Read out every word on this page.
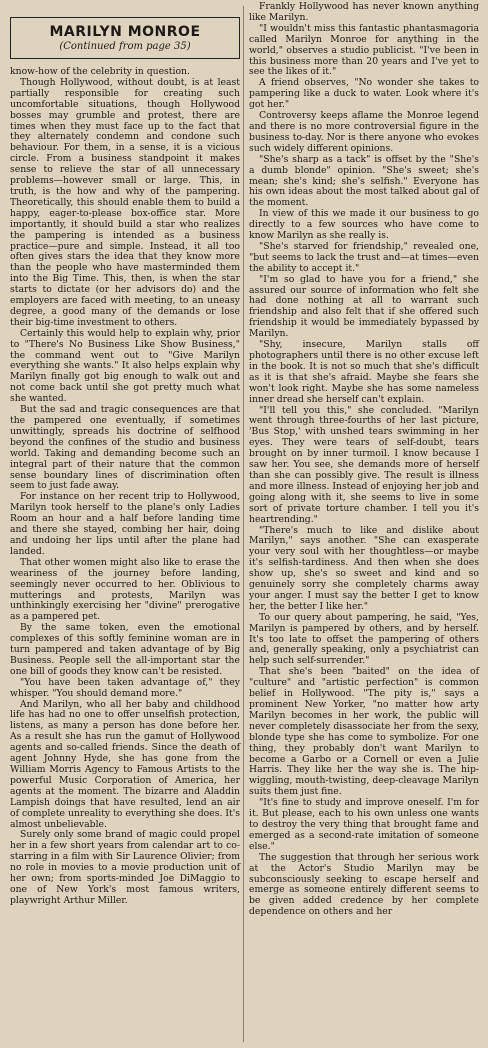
MARILYN MONROE
(Continued from page 35)

know-how of the celebrity in question.

Though Hollywood, without doubt, is at least partially responsible for creating such uncomfortable situations, though Hollywood bosses may grumble and protest, there are times when they must face up to the fact that they alternately condemn and condone such behaviour. For them, in a sense, it is a vicious circle. From a business standpoint it makes sense to relieve the star of all unnecessary problems—however small or large. This, in truth, is the how and why of the pampering. Theoretically, this should enable them to build a happy, eager-to-please box-office star. More importantly, it should build a star who realizes the pampering is intended as a business practice—pure and simple. Instead, it all too often gives stars the idea that they know more than the people who have masterminded them into the Big Time. This, then, is when the star starts to dictate (or her advisors do) and the employers are faced with meeting, to an uneasy degree, a good many of the demands or lose their big-time investment to others.

Certainly this would help to explain why, prior to "There's No Business Like Show Business," the command went out to "Give Marilyn everything she wants." It also helps explain why Marilyn finally got big enough to walk out and not come back until she got pretty much what she wanted.

But the sad and tragic consequences are that the pampered one eventually, if sometimes unwittingly, spreads his doctrine of selfhood beyond the confines of the studio and business world. Taking and demanding become such an integral part of their nature that the common sense boundary lines of discrimination often seem to just fade away.

For instance on her recent trip to Hollywood, Marilyn took herself to the plane's only Ladies Room an hour and a half before landing time and there she stayed, combing her hair, doing and undoing her lips until after the plane had landed.

That other women might also like to erase the weariness of the journey before landing, seemingly never occurred to her. Oblivious to mutterings and protests, Marilyn was unthinkingly exercising her "divine" prerogative as a pampered pet.

By the same token, even the emotional complexes of this softly feminine woman are in turn pampered and taken advantage of by Big Business. People sell the all-important star the one bill of goods they know can't be resisted.

"You have been taken advantage of," they whisper. "You should demand more."

And Marilyn, who all her baby and childhood life has had no one to offer unselfish protection, listens, as many a person has done before her. As a result she has run the gamut of Hollywood agents and so-called friends. Since the death of agent Johnny Hyde, she has gone from the William Morris Agency to Famous Artists to the powerful Music Corporation of America, her agents at the moment. The bizarre and Aladdin Lampish doings that have resulted, lend an air of complete unreality to everything she does. It's almost unbelievable.

Surely only some brand of magic could propel her in a few short years from calendar art to co-starring in a film with Sir Laurence Olivier; from no role in movies to a movie production unit of her own; from sports-minded Joe DiMaggio to one of New York's most famous writers, playwright Arthur Miller.

Frankly Hollywood has never known anything like Marilyn.

"I wouldn't miss this fantastic phantasmagoria called Marilyn Monroe for anything in the world," observes a studio publicist. "I've been in this business more than 20 years and I've yet to see the likes of it."

A friend observes, "No wonder she takes to pampering like a duck to water. Look where it's got her."

Controversy keeps aflame the Monroe legend and there is no more controversial figure in the business to-day. Nor is there anyone who evokes such widely different opinions.

"She's sharp as a tack" is offset by the "She's a dumb blonde" opinion. "She's sweet; she's mean; she's kind; she's selfish." Everyone has his own ideas about the most talked about gal of the moment.

In view of this we made it our business to go directly to a few sources who have come to know Marilyn as she really is.

"She's starved for friendship," revealed one, "but seems to lack the trust and—at times—even the ability to accept it."

"I'm so glad to have you for a friend," she assured our source of information who felt she had done nothing at all to warrant such friendship and also felt that if she offered such friendship it would be immediately bypassed by Marilyn.

"Shy, insecure, Marilyn stalls off photographers until there is no other excuse left in the book. It is not so much that she's difficult as it is that she's afraid. Maybe she fears she won't look right. Maybe she has some nameless inner dread she herself can't explain.

"I'll tell you this," she concluded. "Marilyn went through three-fourths of her last picture, 'Bus Stop,' with unshed tears swimming in her eyes. They were tears of self-doubt, tears brought on by inner turmoil. I know because I saw her. You see, she demands more of herself than she can possibly give. The result is illness and more illness. Instead of enjoying her job and going along with it, she seems to live in some sort of private torture chamber. I tell you it's heartrending."

"There's much to like and dislike about Marilyn," says another. "She can exasperate your very soul with her thoughtless—or maybe it's selfish-tardiness. And then when she does show up, she's so sweet and kind and so genuinely sorry she completely charms away your anger. I must say the better I get to know her, the better I like her."

To our query about pampering, he said, "Yes, Marilyn is pampered by others, and by herself. It's too late to offset the pampering of others and, generally speaking, only a psychiatrist can help such self-surrender."

That she's been "baited" on the idea of "culture" and "artistic perfection" is common belief in Hollywood. "The pity is," says a prominent New Yorker, "no matter how arty Marilyn becomes in her work, the public will never completely disassociate her from the sexy, blonde type she has come to symbolize. For one thing, they probably don't want Marilyn to become a Garbo or a Cornell or even a Julie Harris. They like her the way she is. The hip-wiggling, mouth-twisting, deep-cleavage Marilyn suits them just fine.

"It's fine to study and improve oneself. I'm for it. But please, each to his own unless one wants to destroy the very thing that brought fame and emerged as a second-rate imitation of someone else."

The suggestion that through her serious work at the Actor's Studio Marilyn may be subconsciously seeking to escape herself and emerge as someone entirely different seems to be given added credence by her complete dependence on others and her
